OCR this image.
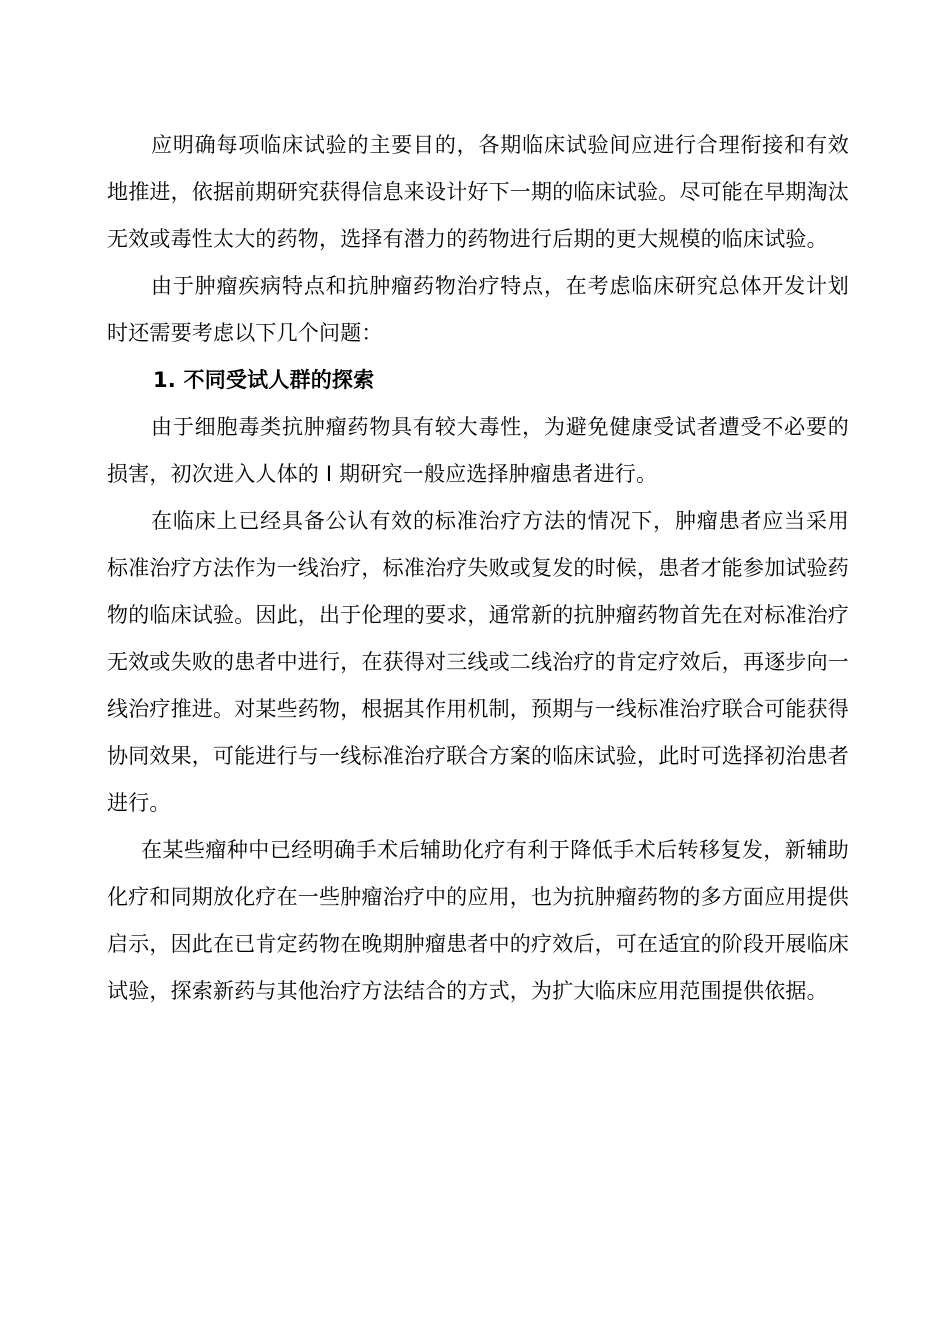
应明确每项临床试验的主要目的，各期临床试验间应进行合理衔接和有效地推进，依据前期研究获得信息来设计好下一期的临床试验。尽可能在早期淘汰无效或毒性太大的药物，选择有潜力的药物进行后期的更大规模的临床试验。

由于肿瘤疾病特点和抗肿瘤药物治疗特点，在考虑临床研究总体开发计划时还需要考虑以下几个问题：

1. 不同受试人群的探索

由于细胞毒类抗肿瘤药物具有较大毒性，为避免健康受试者遭受不必要的损害，初次进入人体的 I 期研究一般应选择肿瘤患者进行。

在临床上已经具备公认有效的标准治疗方法的情况下，肿瘤患者应当采用标准治疗方法作为一线治疗，标准治疗失败或复发的时候，患者才能参加试验药物的临床试验。因此，出于伦理的要求，通常新的抗肿瘤药物首先在对标准治疗无效或失败的患者中进行，在获得对三线或二线治疗的肯定疗效后，再逐步向一线治疗推进。对某些药物，根据其作用机制，预期与一线标准治疗联合可能获得协同效果，可能进行与一线标准治疗联合方案的临床试验，此时可选择初治患者进行。

在某些瘤种中已经明确手术后辅助化疗有利于降低手术后转移复发，新辅助化疗和同期放化疗在一些肿瘤治疗中的应用，也为抗肿瘤药物的多方面应用提供启示，因此在已肯定药物在晚期肿瘤患者中的疗效后，可在适宜的阶段开展临床试验，探索新药与其他治疗方法结合的方式，为扩大临床应用范围提供依据。
